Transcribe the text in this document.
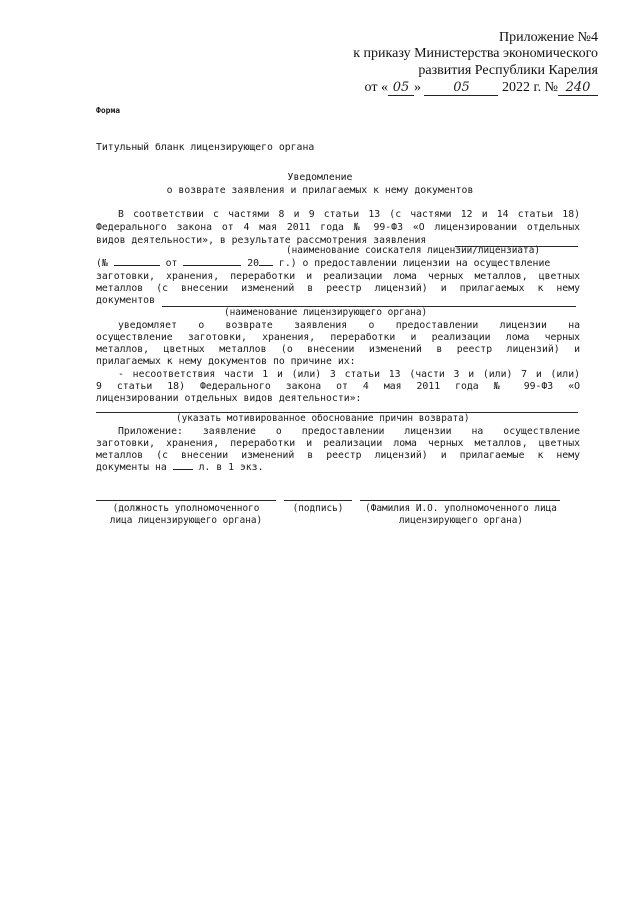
Приложение №4
к приказу Министерства экономического
развития Республики Карелия
от « 05 » 05 2022 г. № 240
Форма
Титульный бланк лицензирующего органа
Уведомление
о возврате заявления и прилагаемых к нему документов
В соответствии с частями 8 и 9 статьи 13 (с частями 12 и 14 статьи 18)
Федерального закона от 4 мая 2011 года № 99-ФЗ «О лицензировании отдельных
видов деятельности», в результате рассмотрения заявления
(наименование соискателя лицензии/лицензиата)
(№	от	20 г.) о предоставлении лицензии на осуществление
заготовки, хранения, переработки и реализации лома черных металлов, цветных
металлов (с внесении изменений в реестр лицензий) и прилагаемых к нему
документов
(наименование лицензирующего органа)
уведомляет о возврате заявления о предоставлении лицензии на
осуществление заготовки, хранения, переработки и реализации лома черных
металлов, цветных металлов (о внесении изменений в реестр лицензий) и
прилагаемых к нему документов по причине их:
- несоответствия части 1 и (или) 3 статьи 13 (части 3 и (или) 7 и (или)
9 статьи 18) Федерального закона от 4 мая 2011 года № 99-ФЗ «О
лицензировании отдельных видов деятельности»:
(указать мотивированное обоснование причин возврата)
Приложение: заявление о предоставлении лицензии на осуществление
заготовки, хранения, переработки и реализации лома черных металлов, цветных
металлов (с внесении изменений в реестр лицензий) и прилагаемые к нему
документы на	л. в 1 экз.
(должность уполномоченного
лица лицензирующего органа)
(подпись)	(Фамилия И.О. уполномоченного лица
лицензирующего органа)
